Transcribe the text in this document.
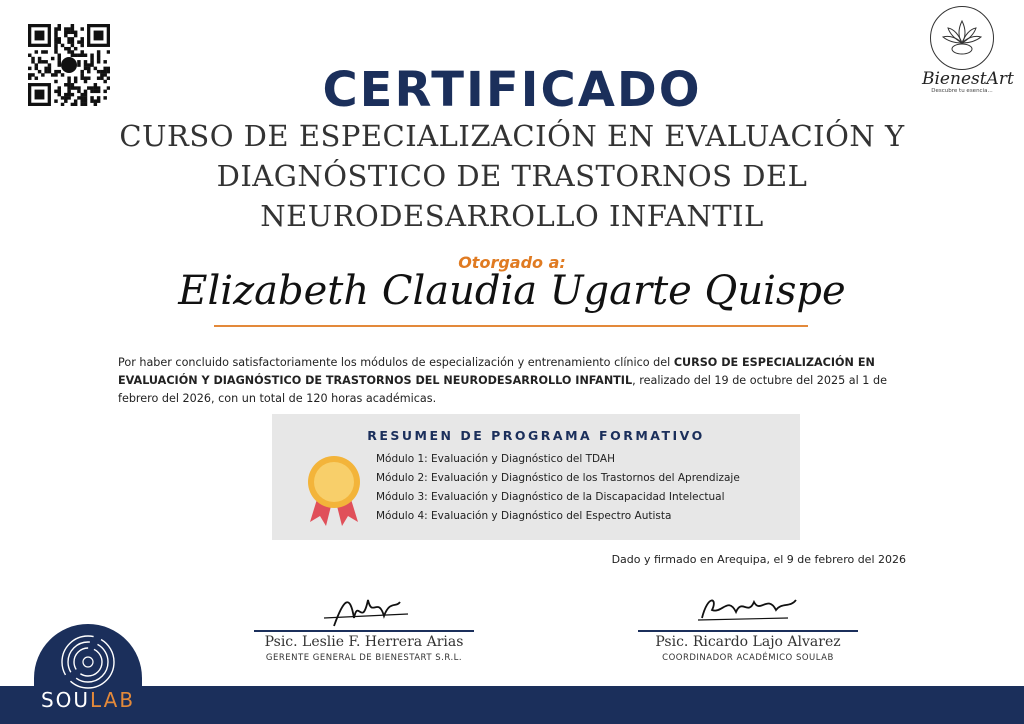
BienestArt
Descubre tu esencia...
CERTIFICADO
CURSO DE ESPECIALIZACIÓN EN EVALUACIÓN Y DIAGNÓSTICO DE TRASTORNOS DEL NEURODESARROLLO INFANTIL
Otorgado a:
Elizabeth Claudia Ugarte Quispe
Por haber concluido satisfactoriamente los módulos de especialización y entrenamiento clínico del CURSO DE ESPECIALIZACIÓN EN EVALUACIÓN Y DIAGNÓSTICO DE TRASTORNOS DEL NEURODESARROLLO INFANTIL, realizado del 19 de octubre del 2025 al 1 de febrero del 2026, con un total de 120 horas académicas.
RESUMEN DE PROGRAMA FORMATIVO
Módulo 1: Evaluación y Diagnóstico del TDAH
Módulo 2: Evaluación y Diagnóstico de los Trastornos del Aprendizaje
Módulo 3: Evaluación y Diagnóstico de la Discapacidad Intelectual
Módulo 4: Evaluación y Diagnóstico del Espectro Autista
Dado y firmado en Arequipa, el 9 de febrero del 2026
Psic. Leslie F. Herrera Arias
GERENTE GENERAL DE BIENESTART S.R.L.
Psic. Ricardo Lajo Alvarez
COORDINADOR ACADÉMICO SOULAB
SOULAB
